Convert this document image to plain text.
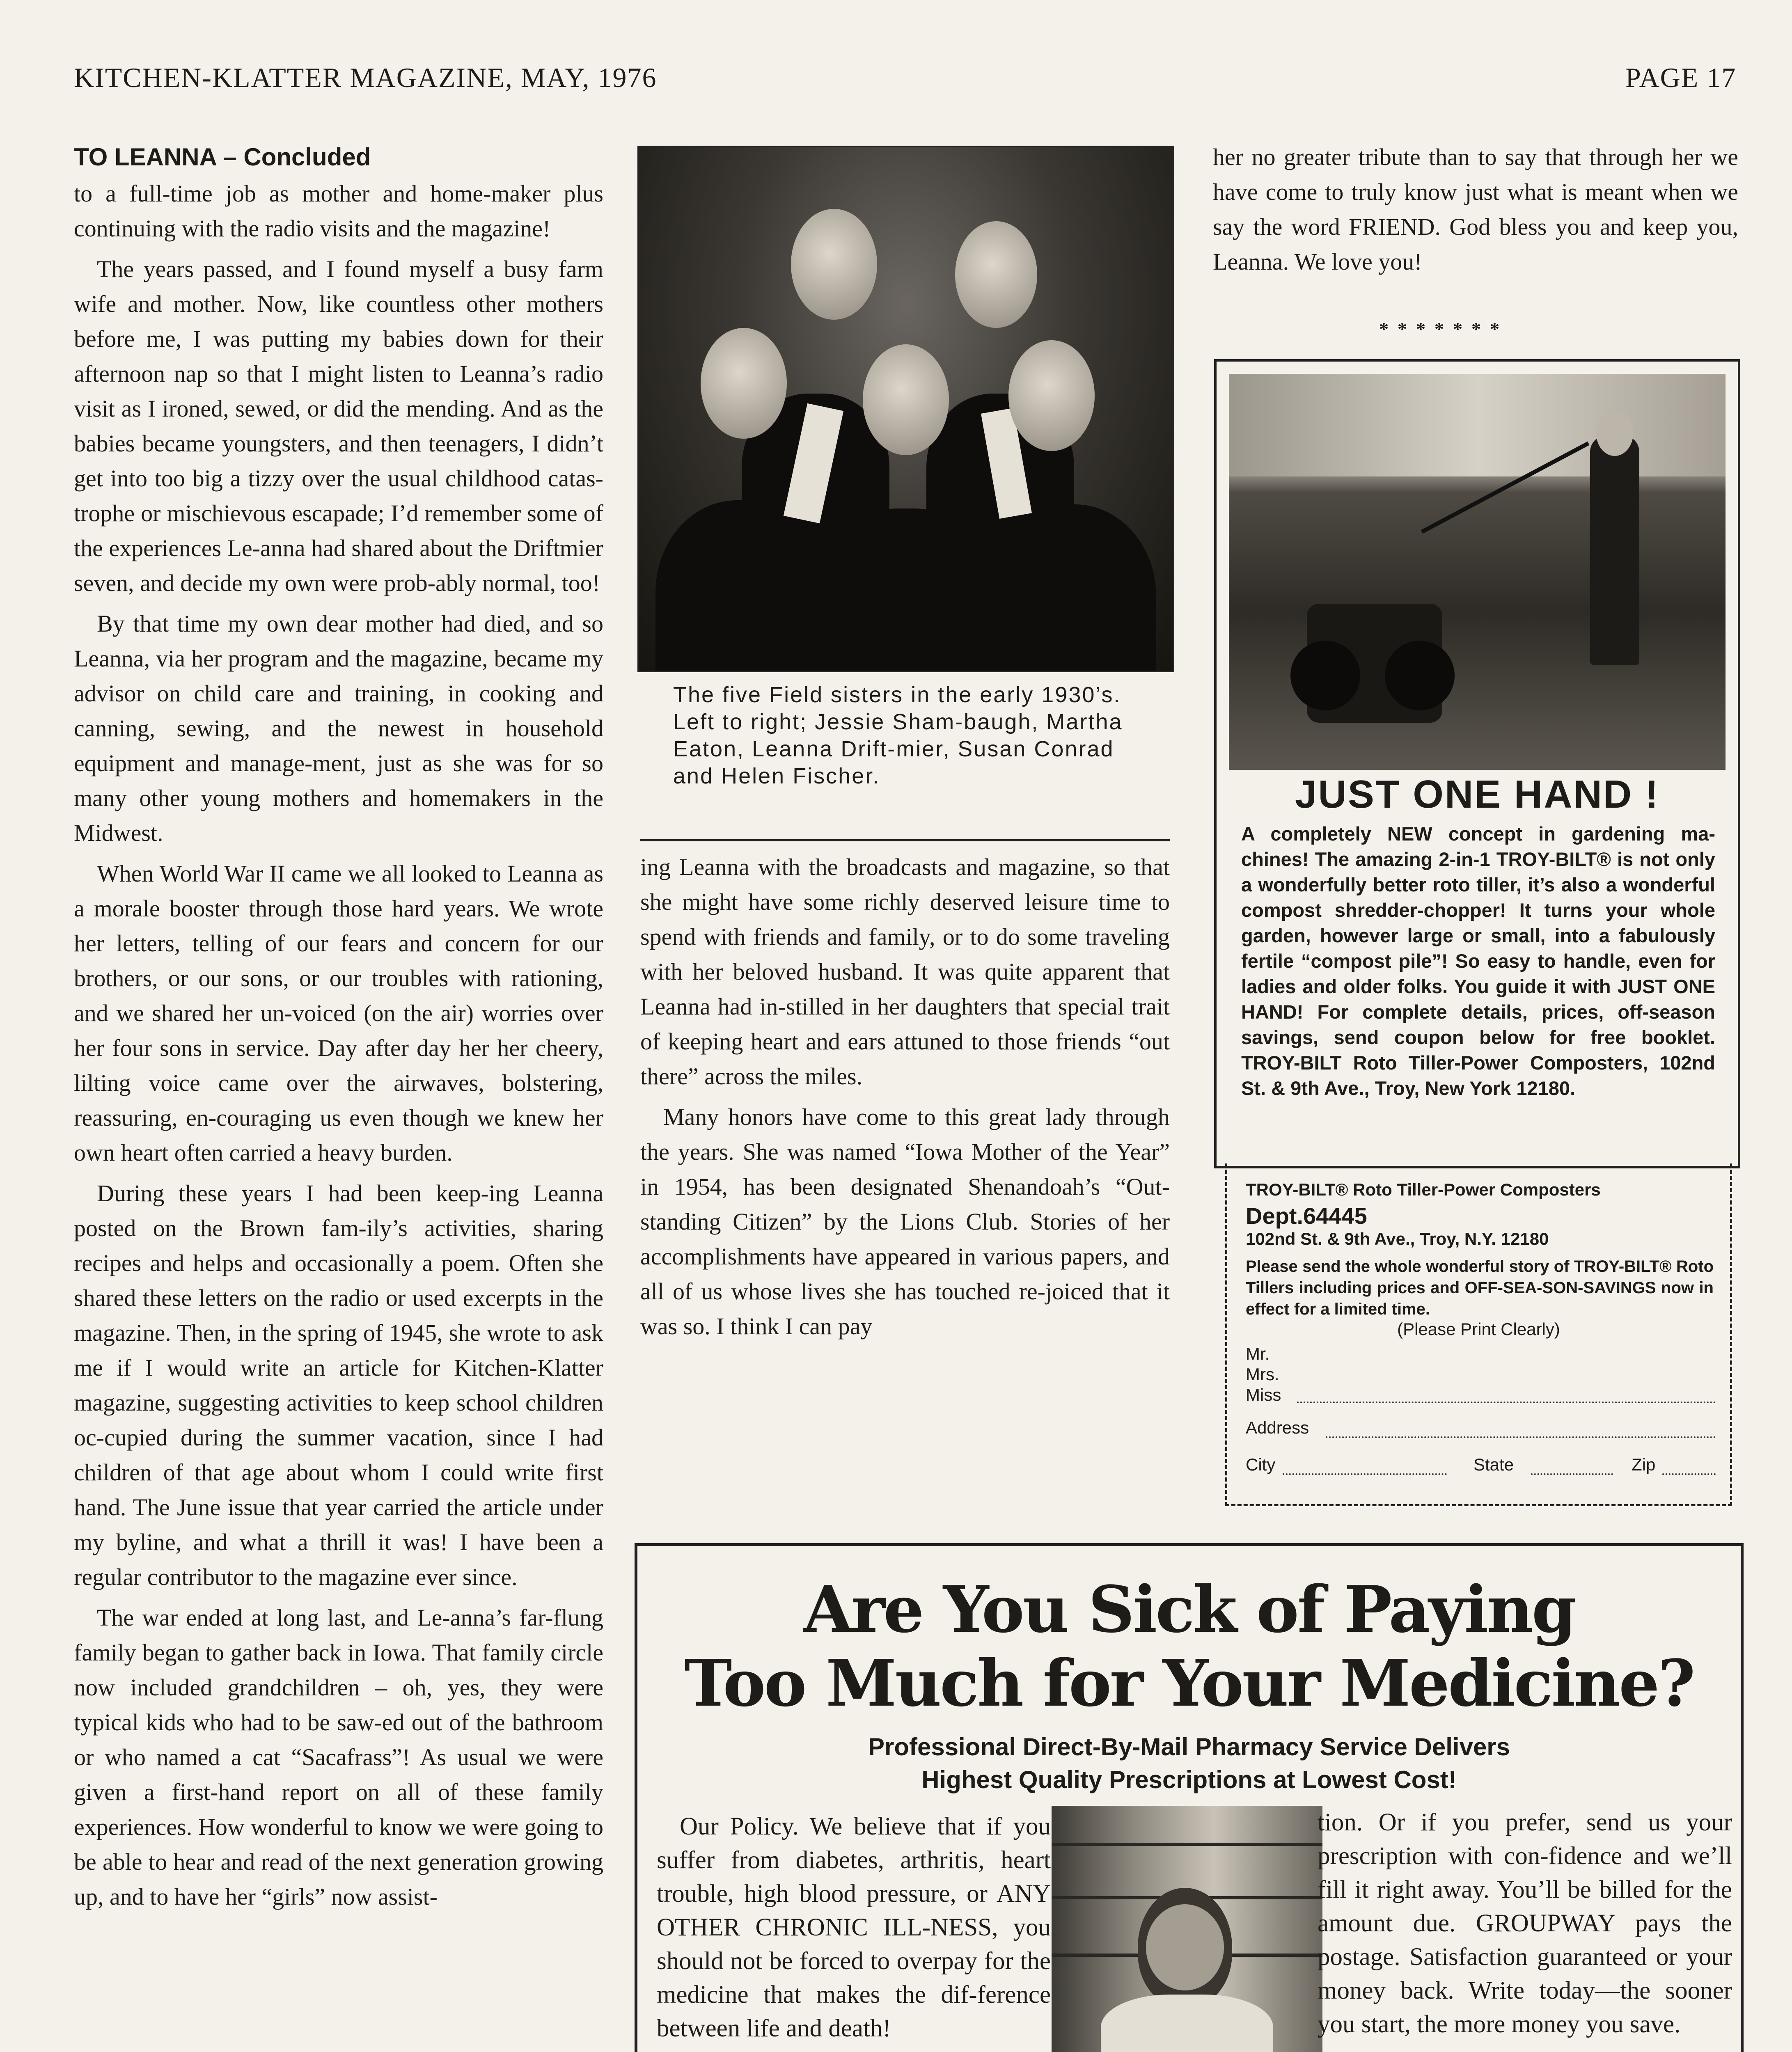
KITCHEN-KLATTER MAGAZINE, MAY, 1976	PAGE 17
TO LEANNA – Concluded

to a full-time job as mother and home-maker plus continuing with the radio visits and the magazine!

The years passed, and I found myself a busy farm wife and mother. Now, like countless other mothers before me, I was putting my babies down for their afternoon nap so that I might listen to Leanna’s radio visit as I ironed, sewed, or did the mending. And as the babies became youngsters, and then teenagers, I didn’t get into too big a tizzy over the usual childhood catas-trophe or mischievous escapade; I’d remember some of the experiences Le-anna had shared about the Driftmier seven, and decide my own were prob-ably normal, too!

By that time my own dear mother had died, and so Leanna, via her program and the magazine, became my advisor on child care and training, in cooking and canning, sewing, and the newest in household equipment and manage-ment, just as she was for so many other young mothers and homemakers in the Midwest.

When World War II came we all looked to Leanna as a morale booster through those hard years. We wrote her letters, telling of our fears and concern for our brothers, or our sons, or our troubles with rationing, and we shared her un-voiced (on the air) worries over her four sons in service. Day after day her her cheery, lilting voice came over the airwaves, bolstering, reassuring, en-couraging us even though we knew her own heart often carried a heavy burden.

During these years I had been keep-ing Leanna posted on the Brown fam-ily’s activities, sharing recipes and helps and occasionally a poem. Often she shared these letters on the radio or used excerpts in the magazine. Then, in the spring of 1945, she wrote to ask me if I would write an article for Kitchen-Klatter magazine, suggesting activities to keep school children oc-cupied during the summer vacation, since I had children of that age about whom I could write first hand. The June issue that year carried the article under my byline, and what a thrill it was! I have been a regular contributor to the magazine ever since.

The war ended at long last, and Le-anna’s far-flung family began to gather back in Iowa. That family circle now included grandchildren – oh, yes, they were typical kids who had to be saw-ed out of the bathroom or who named a cat “Sacafrass”! As usual we were given a first-hand report on all of these family experiences. How wonderful to know we were going to be able to hear and read of the next generation growing up, and to have her “girls” now assist-

The five Field sisters in the early 1930’s. Left to right; Jessie Sham-baugh, Martha Eaton, Leanna Drift-mier, Susan Conrad and Helen Fischer.

ing Leanna with the broadcasts and magazine, so that she might have some richly deserved leisure time to spend with friends and family, or to do some traveling with her beloved husband. It was quite apparent that Leanna had in-stilled in her daughters that special trait of keeping heart and ears attuned to those friends “out there” across the miles.

Many honors have come to this great lady through the years. She was named “Iowa Mother of the Year” in 1954, has been designated Shenandoah’s “Out-standing Citizen” by the Lions Club. Stories of her accomplishments have appeared in various papers, and all of us whose lives she has touched re-joiced that it was so. I think I can pay

her no greater tribute than to say that through her we have come to truly know just what is meant when we say the word FRIEND. God bless you and keep you, Leanna. We love you!

*******
JUST ONE HAND !
A completely NEW concept in gardening ma-chines! The amazing 2-in-1 TROY-BILT® is not only a wonderfully better roto tiller, it’s also a wonderful compost shredder-chopper! It turns your whole garden, however large or small, into a fabulously fertile “compost pile”! So easy to handle, even for ladies and older folks. You guide it with JUST ONE HAND! For complete details, prices, off-season savings, send coupon below for free booklet. TROY-BILT Roto Tiller-Power Composters, 102nd St. & 9th Ave., Troy, New York 12180.
TROY-BILT® Roto Tiller-Power Composters
Dept.64445
102nd St. & 9th Ave., Troy, N.Y. 12180
Please send the whole wonderful story of TROY-BILT® Roto Tillers including prices and OFF-SEA-SON-SAVINGS now in effect for a limited time.
(Please Print Clearly)
Mr.
Mrs.
Miss
Address
City	State	Zip
Are You Sick of Paying
Too Much for Your Medicine?
Professional Direct-By-Mail Pharmacy Service Delivers
Highest Quality Prescriptions at Lowest Cost!

Our Policy. We believe that if you suffer from diabetes, arthritis, heart trouble, high blood pressure, or ANY OTHER CHRONIC ILL-NESS, you should not be forced to overpay for the medicine that makes the dif-ference between life and death!

tion. Or if you prefer, send us your prescription with con-fidence and we’ll fill it right away. You’ll be billed for the amount due. GROUPWAY pays the postage. Satisfaction guaranteed or your money back. Write today—the sooner you start, the more money you save.
